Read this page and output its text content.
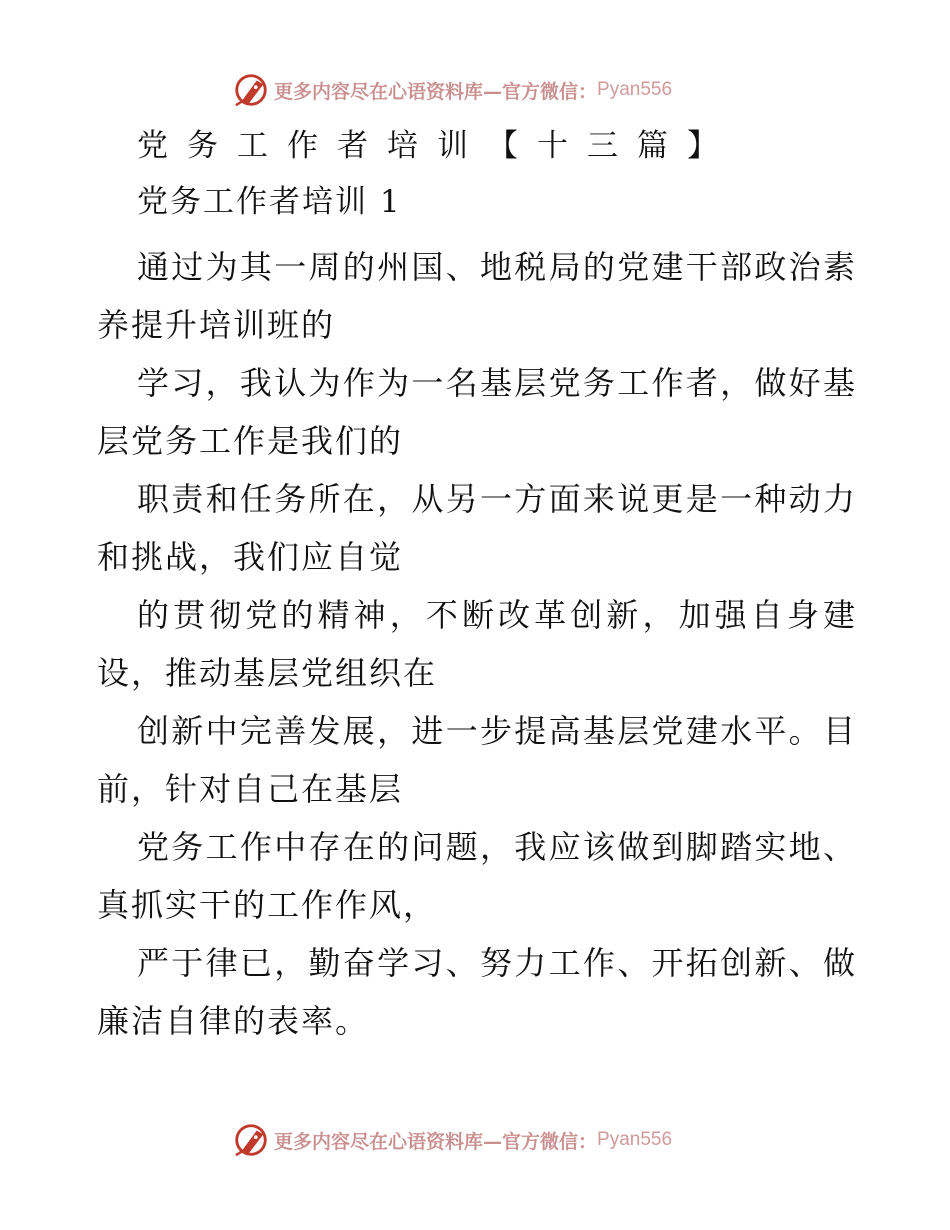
更多内容尽在心语资料库—官方微信： Pyan556
党务工作者培训【十三篇】
党务工作者培训 1
通过为其一周的州国、地税局的党建干部政治素
养提升培训班的
学习，我认为作为一名基层党务工作者，做好基
层党务工作是我们的
职责和任务所在，从另一方面来说更是一种动力
和挑战，我们应自觉
的贯彻党的精神，不断改革创新，加强自身建
设，推动基层党组织在
创新中完善发展，进一步提高基层党建水平。目
前，针对自己在基层
党务工作中存在的问题，我应该做到脚踏实地、
真抓实干的工作作风，
严于律已，勤奋学习、努力工作、开拓创新、做
廉洁自律的表率。
更多内容尽在心语资料库—官方微信： Pyan556
